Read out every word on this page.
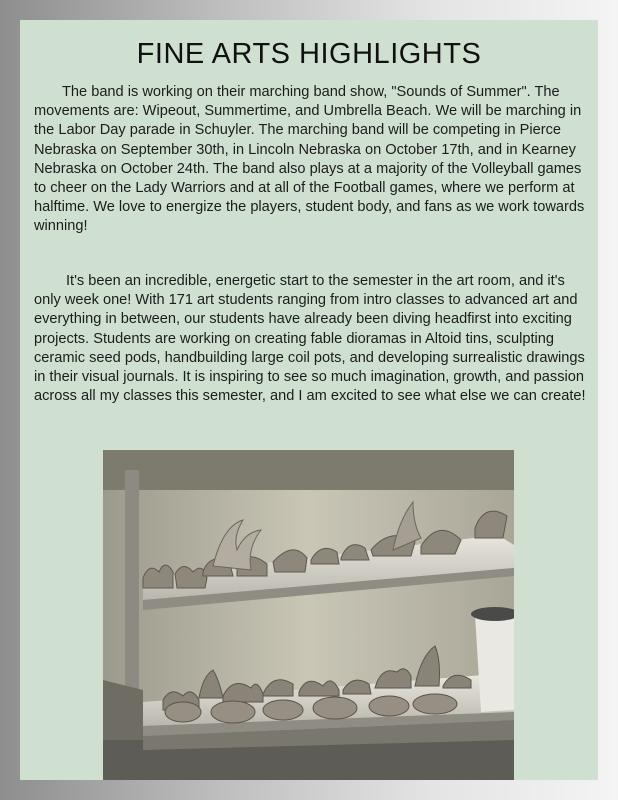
FINE ARTS HIGHLIGHTS

The band is working on their marching band show, "Sounds of Summer". The movements are: Wipeout, Summertime, and Umbrella Beach. We will be marching in the Labor Day parade in Schuyler. The marching band will be competing in Pierce Nebraska on September 30th, in Lincoln Nebraska on October 17th, and in Kearney Nebraska on October 24th. The band also plays at a majority of the Volleyball games to cheer on the Lady Warriors and at all of the Football games, where we perform at halftime. We love to energize the players, student body, and fans as we work towards winning!

It's been an incredible, energetic start to the semester in the art room, and it's only week one! With 171 art students ranging from intro classes to advanced art and everything in between, our students have already been diving headfirst into exciting projects. Students are working on creating fable dioramas in Altoid tins, sculpting ceramic seed pods, handbuilding large coil pots, and developing surrealistic drawings in their visual journals. It is inspiring to see so much imagination, growth, and passion across all my classes this semester, and I am excited to see what else we can create!
